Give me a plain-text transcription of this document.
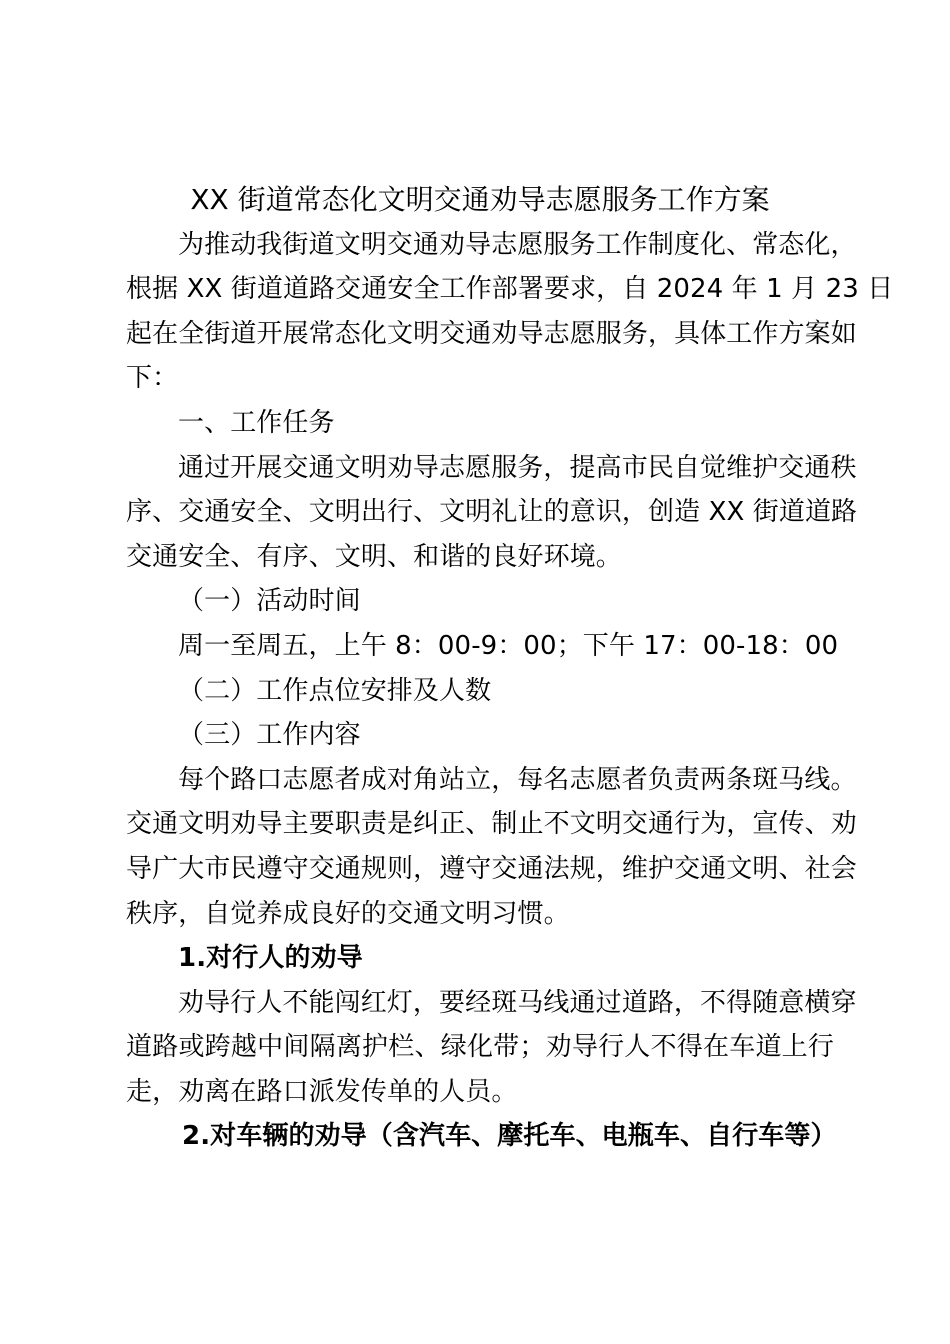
XX 街道常态化文明交通劝导志愿服务工作方案
为推动我街道文明交通劝导志愿服务工作制度化、常态化，
根据 XX 街道道路交通安全工作部署要求，自 2024 年 1 月 23 日
起在全街道开展常态化文明交通劝导志愿服务，具体工作方案如
下：
一、工作任务
通过开展交通文明劝导志愿服务，提高市民自觉维护交通秩
序、交通安全、文明出行、文明礼让的意识，创造 XX 街道道路
交通安全、有序、文明、和谐的良好环境。
（一）活动时间
周一至周五，上午 8：00-9：00；下午 17：00-18：00
（二）工作点位安排及人数
（三）工作内容
每个路口志愿者成对角站立，每名志愿者负责两条斑马线。
交通文明劝导主要职责是纠正、制止不文明交通行为，宣传、劝
导广大市民遵守交通规则，遵守交通法规，维护交通文明、社会
秩序，自觉养成良好的交通文明习惯。
1.对行人的劝导
劝导行人不能闯红灯，要经斑马线通过道路，不得随意横穿
道路或跨越中间隔离护栏、绿化带；劝导行人不得在车道上行
走，劝离在路口派发传单的人员。
2.对车辆的劝导（含汽车、摩托车、电瓶车、自行车等）
